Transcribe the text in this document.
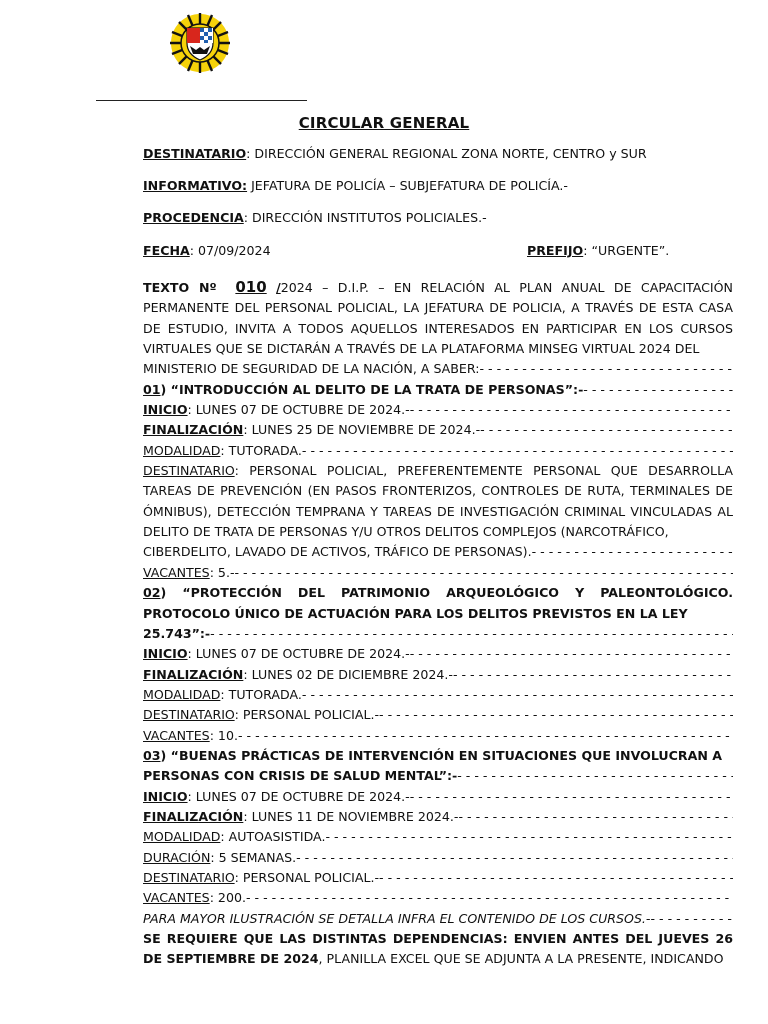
CIRCULAR GENERAL
DESTINATARIO: DIRECCIÓN GENERAL REGIONAL ZONA NORTE, CENTRO y SUR
INFORMATIVO: JEFATURA DE POLICÍA – SUBJEFATURA DE POLICÍA.-
PROCEDENCIA: DIRECCIÓN INSTITUTOS POLICIALES.-
FECHA: 07/09/2024	PREFIJO: “URGENTE”.

TEXTO Nº 010 /2024 – D.I.P. – EN RELACIÓN AL PLAN ANUAL DE CAPACITACIÓN PERMANENTE DEL PERSONAL POLICIAL, LA JEFATURA DE POLICIA, A TRAVÉS DE ESTA CASA DE ESTUDIO, INVITA A TODOS AQUELLOS INTERESADOS EN PARTICIPAR EN LOS CURSOS VIRTUALES QUE SE DICTARÁN A TRAVÉS DE LA PLATAFORMA MINSEG VIRTUAL 2024 DEL

MINISTERIO DE SEGURIDAD DE LA NACIÓN, A SABER:
- - -
01) “INTRODUCCIÓN AL DELITO DE LA TRATA DE PERSONAS”:-
- - -
INICIO: LUNES 07 DE OCTUBRE DE 2024.-
- - -
FINALIZACIÓN: LUNES 25 DE NOVIEMBRE DE 2024.-
- - -
MODALIDAD: TUTORADA.
- - -

DESTINATARIO: PERSONAL POLICIAL, PREFERENTEMENTE PERSONAL QUE DESARROLLA TAREAS DE PREVENCIÓN (EN PASOS FRONTERIZOS, CONTROLES DE RUTA, TERMINALES DE ÓMNIBUS), DETECCIÓN TEMPRANA Y TAREAS DE INVESTIGACIÓN CRIMINAL VINCULADAS AL DELITO DE TRATA DE PERSONAS Y/U OTROS DELITOS COMPLEJOS (NARCOTRÁFICO,

CIBERDELITO, LAVADO DE ACTIVOS, TRÁFICO DE PERSONAS).
- - -
VACANTES: 5.-
- - -

02) “PROTECCIÓN DEL PATRIMONIO ARQUEOLÓGICO Y PALEONTOLÓGICO. PROTOCOLO ÚNICO DE ACTUACIÓN PARA LOS DELITOS PREVISTOS EN LA LEY

25.743”:-
- - -
INICIO: LUNES 07 DE OCTUBRE DE 2024.-
- - -
FINALIZACIÓN: LUNES 02 DE DICIEMBRE 2024.-
- - -
MODALIDAD: TUTORADA.
- - -
DESTINATARIO: PERSONAL POLICIAL.-
- - -
VACANTES: 10.
- - -

03) “BUENAS PRÁCTICAS DE INTERVENCIÓN EN SITUACIONES QUE INVOLUCRAN A

PERSONAS CON CRISIS DE SALUD MENTAL”:-
- - -
INICIO: LUNES 07 DE OCTUBRE DE 2024.-
- - -
FINALIZACIÓN: LUNES 11 DE NOVIEMBRE 2024.-
- - -
MODALIDAD: AUTOASISTIDA.
- - -
DURACIÓN: 5 SEMANAS.
- - -
DESTINATARIO: PERSONAL POLICIAL.-
- - -
VACANTES: 200.
- - -
PARA MAYOR ILUSTRACIÓN SE DETALLA INFRA EL CONTENIDO DE LOS CURSOS.-
- - -

SE REQUIERE QUE LAS DISTINTAS DEPENDENCIAS: ENVIEN ANTES DEL JUEVES 26 DE SEPTIEMBRE DE 2024, PLANILLA EXCEL QUE SE ADJUNTA A LA PRESENTE, INDICANDO
